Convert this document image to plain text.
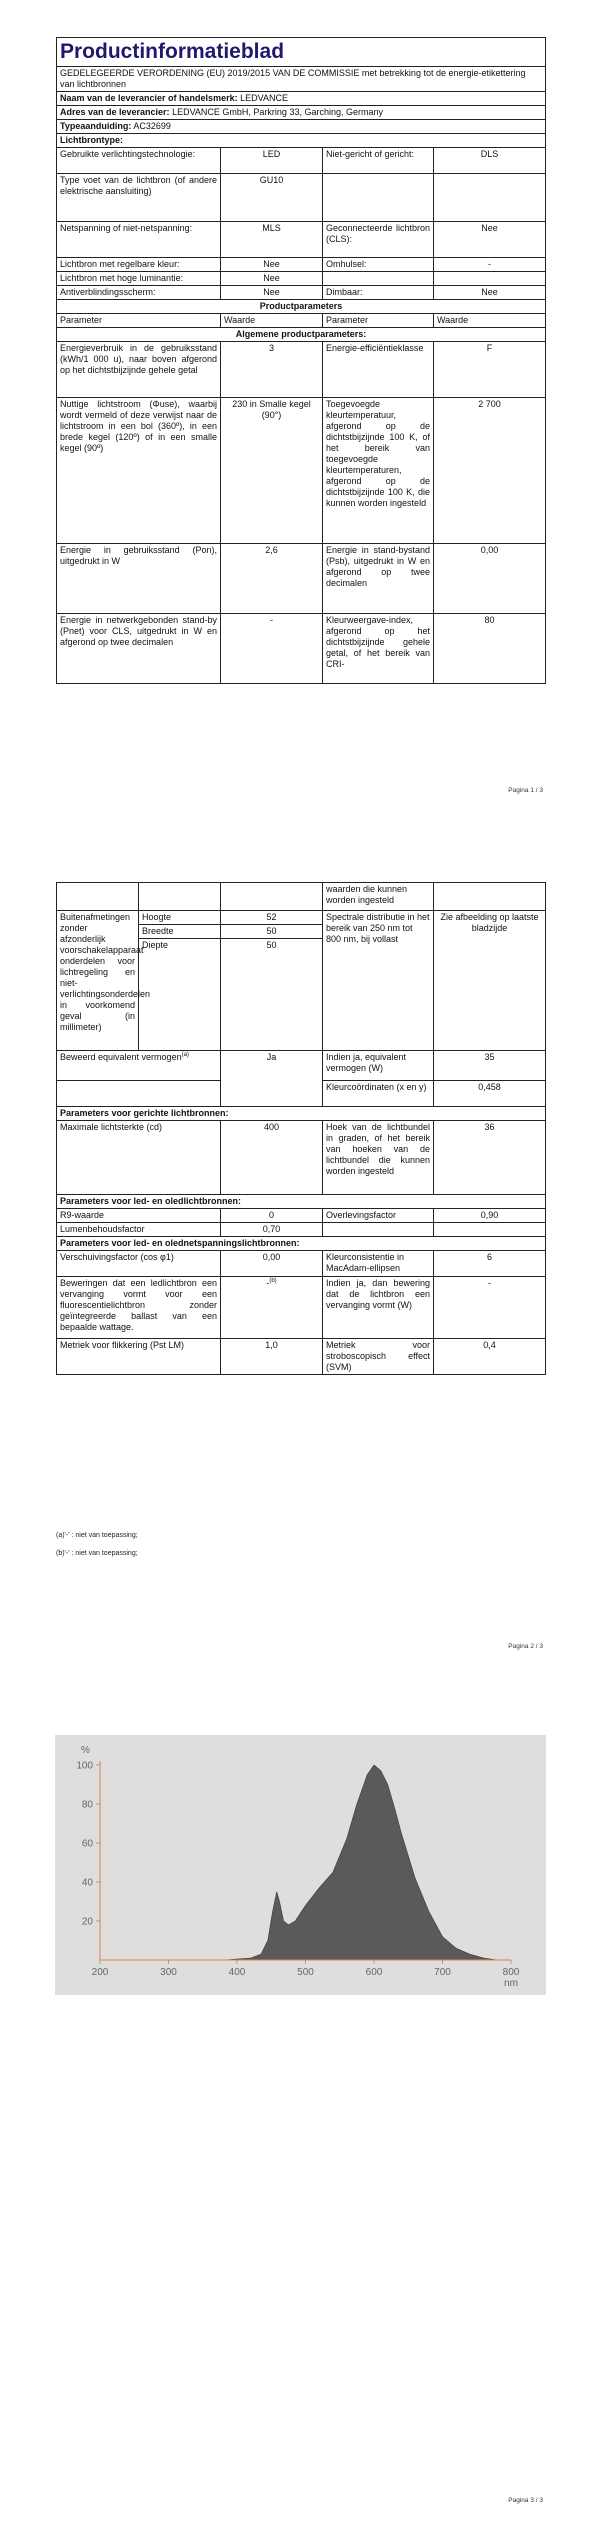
Productinformatieblad			
GEDELEGEERDE VERORDENING (EU) 2019/2015 VAN DE COMMISSIE met betrekking tot de energie-etikettering van lichtbronnen			
Naam van de leverancier of handelsmerk: LEDVANCE			
Adres van de leverancier: LEDVANCE GmbH, Parkring 33, Garching, Germany			
Typeaanduiding: AC32699			
Lichtbrontype:			
Gebruikte verlichtingstechnologie:	LED	Niet-gericht of gericht:	DLS
Type voet van de lichtbron (of andere elektrische aansluiting)	GU10		
Netspanning of niet-netspanning:	MLS	Geconnecteerde lichtbron (CLS):	Nee
Lichtbron met regelbare kleur:	Nee	Omhulsel:	-
Lichtbron met hoge luminantie:	Nee		
Antiverblindingsscherm:	Nee	Dimbaar:	Nee
Productparameters			
Parameter	Waarde	Parameter	Waarde
Algemene productparameters:			
Energieverbruik in de gebruiksstand (kWh/1 000 u), naar boven afgerond op het dichtstbijzijnde gehele getal	3	Energie-efficiëntieklasse	F
Nuttige lichtstroom (Φuse), waarbij wordt vermeld of deze verwijst naar de lichtstroom in een bol (360º), in een brede kegel (120º) of in een smalle kegel (90º)	230 in Smalle kegel (90°)	Toegevoegde kleurtemperatuur, afgerond op de dichtstbijzijnde 100 K, of het bereik van toegevoegde kleurtemperaturen, afgerond op de dichtstbijzijnde 100 K, die kunnen worden ingesteld	2 700
Energie in gebruiksstand (Pon), uitgedrukt in W	2,6	Energie in stand-bystand (Psb), uitgedrukt in W en afgerond op twee decimalen	0,00
Energie in netwerkgebonden stand-by (Pnet) voor CLS, uitgedrukt in W en afgerond op twee decimalen	-	Kleurweergave-index, afgerond op het dichtstbijzijnde gehele getal, of het bereik van CRI-	80
Pagina 1 / 3
			waarden die kunnen worden ingesteld	
Buitenafmetingen zonder afzonderlijk voorschakelapparaat onderdelen voor lichtregeling en niet-verlichtingsonderdelen in voorkomend geval (in millimeter)	Hoogte	52	Spectrale distributie in het bereik van 250 nm tot 800 nm, bij vollast	Zie afbeelding op laatste bladzijde
	Breedte	50		
	Diepte	50		
Beweerd equivalent vermogen$^{(a)}$		Ja	Indien ja, equivalent vermogen (W)	35
			Kleurcoördinaten (x en y)	0,458
Parameters voor gerichte lichtbronnen:				
Maximale lichtsterkte (cd)		400	Hoek van de lichtbundel in graden, of het bereik van hoeken van de lichtbundel die kunnen worden ingesteld	36
Parameters voor led- en oledlichtbronnen:				
R9-waarde		0	Overlevingsfactor	0,90
Lumenbehoudsfactor		0,70		
Parameters voor led- en olednetspanningslichtbronnen:				
Verschuivingsfactor (cos φ1)		0,00	Kleurconsistentie in MacAdam-ellipsen	6
Beweringen dat een ledlichtbron een vervanging vormt voor een fluorescentielichtbron zonder geïntegreerde ballast van een bepaalde wattage.		-$^{(b)}$	Indien ja, dan bewering dat de lichtbron een vervanging vormt (W)	-
Metriek voor flikkering (Pst LM)		1,0	Metriek voor stroboscopisch effect (SVM)	0,4
(a)'-' : niet van toepassing;
(b)'-' : niet van toepassing;
Pagina 2 / 3
200	300	400	500	600	700	800
20
40
60
80
100
%
nm
Pagina 3 / 3
